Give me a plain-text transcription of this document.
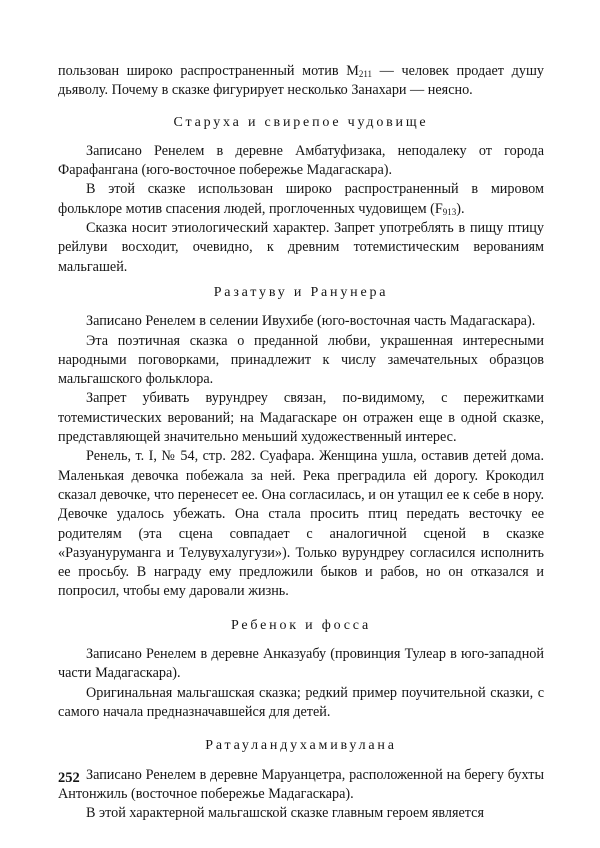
пользован широко распространенный мотив $M_{211}$ — человек продает душу дьяволу. Почему в сказке фигурирует несколько Занахари — неясно.

Старуха и свирепое чудовище

Записано Ренелем в деревне Амбатуфизака, неподалеку от города Фарафангана (юго-восточное побережье Мадагаскара).

В этой сказке использован широко распространенный в мировом фольклоре мотив спасения людей, проглоченных чудовищем $(F_{913})$.

Сказка носит этиологический характер. Запрет употреблять в пищу птицу рейлуви восходит, очевидно, к древним тотемистическим верованиям мальгашей.

Разатуву и Ранунера

Записано Ренелем в селении Ивухибе (юго-восточная часть Мадагаскара).

Эта поэтичная сказка о преданной любви, украшенная интересными народными поговорками, принадлежит к числу замечательных образцов мальгашского фольклора.

Запрет убивать вурундреу связан, по-видимому, с пережитками тотемистических верований; на Мадагаскаре он отражен еще в одной сказке, представляющей значительно меньший художественный интерес.

Ренель, т. I, № 54, стр. 282. Суафара. Женщина ушла, оставив детей дома. Маленькая девочка побежала за ней. Река преградила ей дорогу. Крокодил сказал девочке, что перенесет ее. Она согласилась, и он утащил ее к себе в нору. Девочке удалось убежать. Она стала просить птиц передать весточку ее родителям (эта сцена совпадает с аналогичной сценой в сказке «Разуануруманга и Телувухалугузи»). Только вурундреу согласился исполнить ее просьбу. В награду ему предложили быков и рабов, но он отказался и попросил, чтобы ему даровали жизнь.

Ребенок и фосса

Записано Ренелем в деревне Анказуабу (провинция Тулеар в юго-западной части Мадагаскара).

Оригинальная мальгашская сказка; редкий пример поучительной сказки, с самого начала предназначавшейся для детей.

Ратауландухамивулана

Записано Ренелем в деревне Маруанцетра, расположенной на берегу бухты Антонжиль (восточное побережье Мадагаскара).

В этой характерной мальгашской сказке главным героем является

252
